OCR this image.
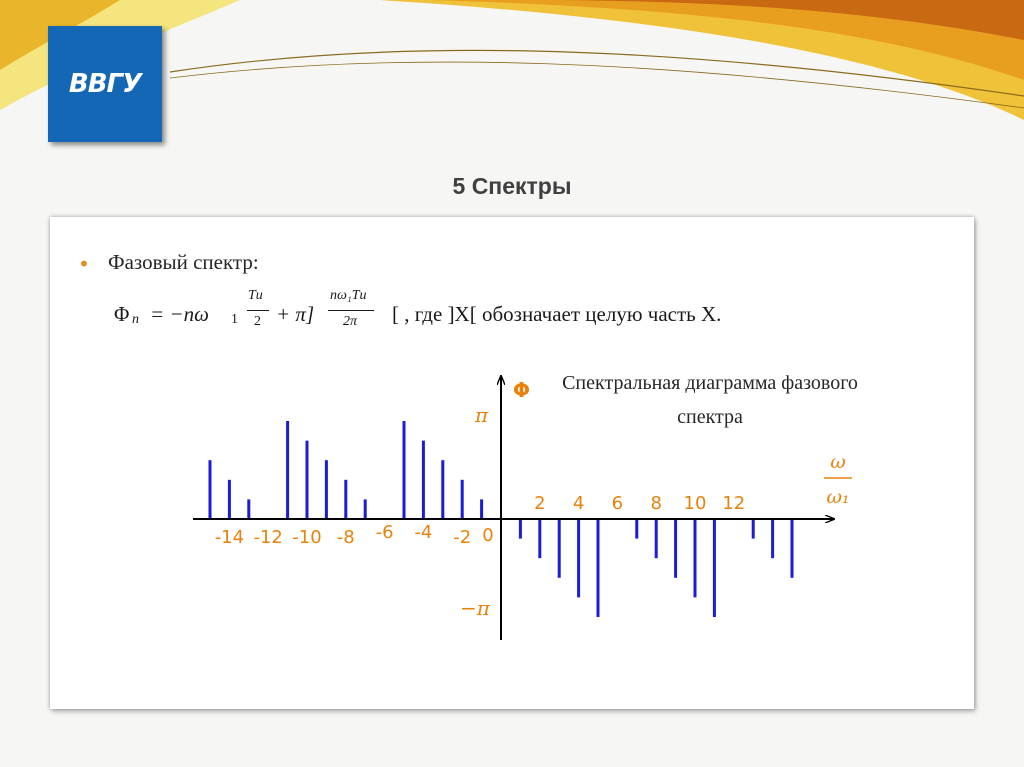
ВВГУ
5 Спектры
• Фазовый спектр:
Φ n = −nω 1
Tи
2 + π]
nω₁Tи
2π [ , где ]X[ обозначает целую часть X.
Спектральная диаграмма фазового спектра
Φ
π
−π
ω
ω₁
-14 -12 -10 -8 -6 -4 -2 0
2 4 6 8 10 12
